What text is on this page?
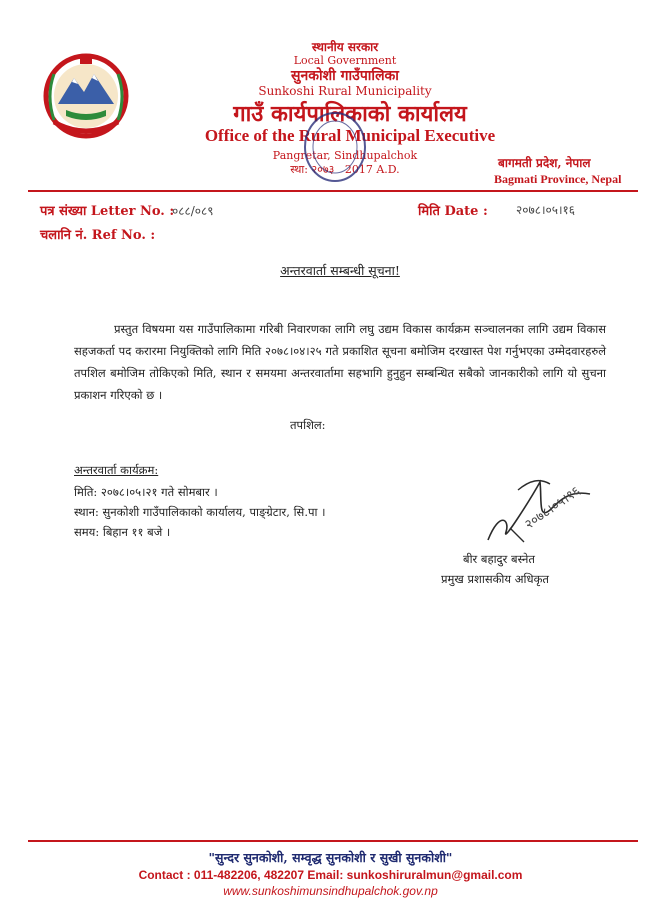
स्थानीय सरकार
Local Government
सुनकोशी गाउँपालिका
Sunkoshi Rural Municipality
गाउँ कार्यपालिकाको कार्यालय
Office of the Rural Municipal Executive
Pangretar, Sindhupalchok
स्था: २०७३ 2017 A.D.	बागमती प्रदेश, नेपाल
Bagmati Province, Nepal
पत्र संख्या Letter No. :
०८८/०८९	मिति Date : २०७८।०५।१६
चलानि नं. Ref No. :
अन्तरवार्ता सम्बन्धी सूचना!
प्रस्तुत विषयमा यस गाउँपालिकामा गरिबी निवारणका लागि लघु उद्यम विकास कार्यक्रम सञ्चालनका लागि उद्यम विकास सहजकर्ता पद करारमा नियुक्तिको लागि मिति २०७८।०४।२५ गते प्रकाशित सूचना बमोजिम दरखास्त पेश गर्नुभएका उम्मेदवारहरुले तपशिल बमोजिम तोकिएको मिति, स्थान र समयमा अन्तरवार्तामा सहभागि हुनुहुन सम्बन्धित सबैको जानकारीको लागि यो सुचना प्रकाशन गरिएको छ ।
तपशिल:
अन्तरवार्ता कार्यक्रम:
मिति: २०७८।०५।२१ गते सोमबार ।
स्थान: सुनकोशी गाउँपालिकाको कार्यालय, पाङ्ग्रेटार, सि.पा ।
समय: बिहान ११ बजे ।	२०७८।०५।१६
बीर बहादुर बस्नेत
प्रमुख प्रशासकीय अधिकृत
"सुन्दर सुनकोशी, सम्वृद्ध सुनकोशी र सुखी सुनकोशी"
Contact : 011-482206, 482207 Email: sunkoshiruralmun@gmail.com
www.sunkoshimunsindhupalchok.gov.np
